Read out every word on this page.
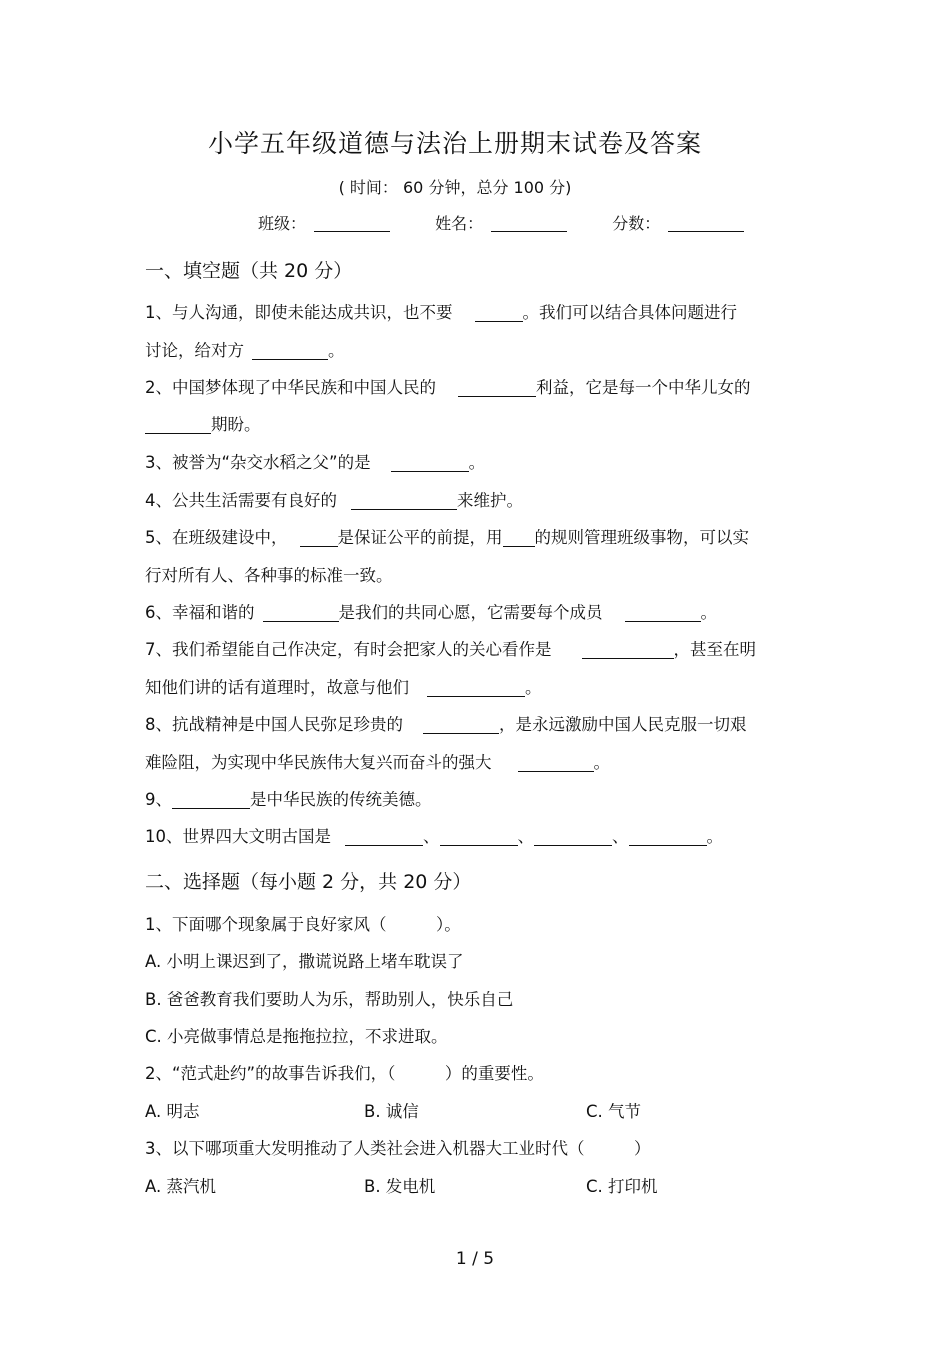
小学五年级道德与法治上册期末试卷及答案
( 时间： 60 分钟，总分 100 分)
班级：	姓名：	分数：
一、填空题（共 20 分）
1、与人沟通，即使未能达成共识，也不要	。我们可以结合具体问题进行
讨论，给对方	。
2、中国梦体现了中华民族和中国人民的	利益，它是每一个中华儿女的
期盼。
3、被誉为“杂交水稻之父”的是	。
4、公共生活需要有良好的	来维护。
5、在班级建设中，	是保证公平的前提，用 的规则管理班级事物，可以实
行对所有人、各种事的标准一致。
6、幸福和谐的	是我们的共同心愿，它需要每个成员	。
7、我们希望能自己作决定，有时会把家人的关心看作是	，甚至在明
知他们讲的话有道理时，故意与他们	。
8、抗战精神是中国人民弥足珍贵的	，是永远激励中国人民克服一切艰
难险阻，为实现中华民族伟大复兴而奋斗的强大	。
9、	是中华民族的传统美德。
10、世界四大文明古国是	、	、	、	。
二、选择题（每小题 2 分，共 20 分）
1、下面哪个现象属于良好家风（　　　）。
A. 小明上课迟到了，撒谎说路上堵车耽误了
B. 爸爸教育我们要助人为乐，帮助别人，快乐自己
C. 小亮做事情总是拖拖拉拉，不求进取。
2、“范式赴约”的故事告诉我们，（　　　）的重要性。
A. 明志	B. 诚信	C. 气节
3、以下哪项重大发明推动了人类社会进入机器大工业时代（　　　）
A. 蒸汽机	B. 发电机	C. 打印机
1 / 5
